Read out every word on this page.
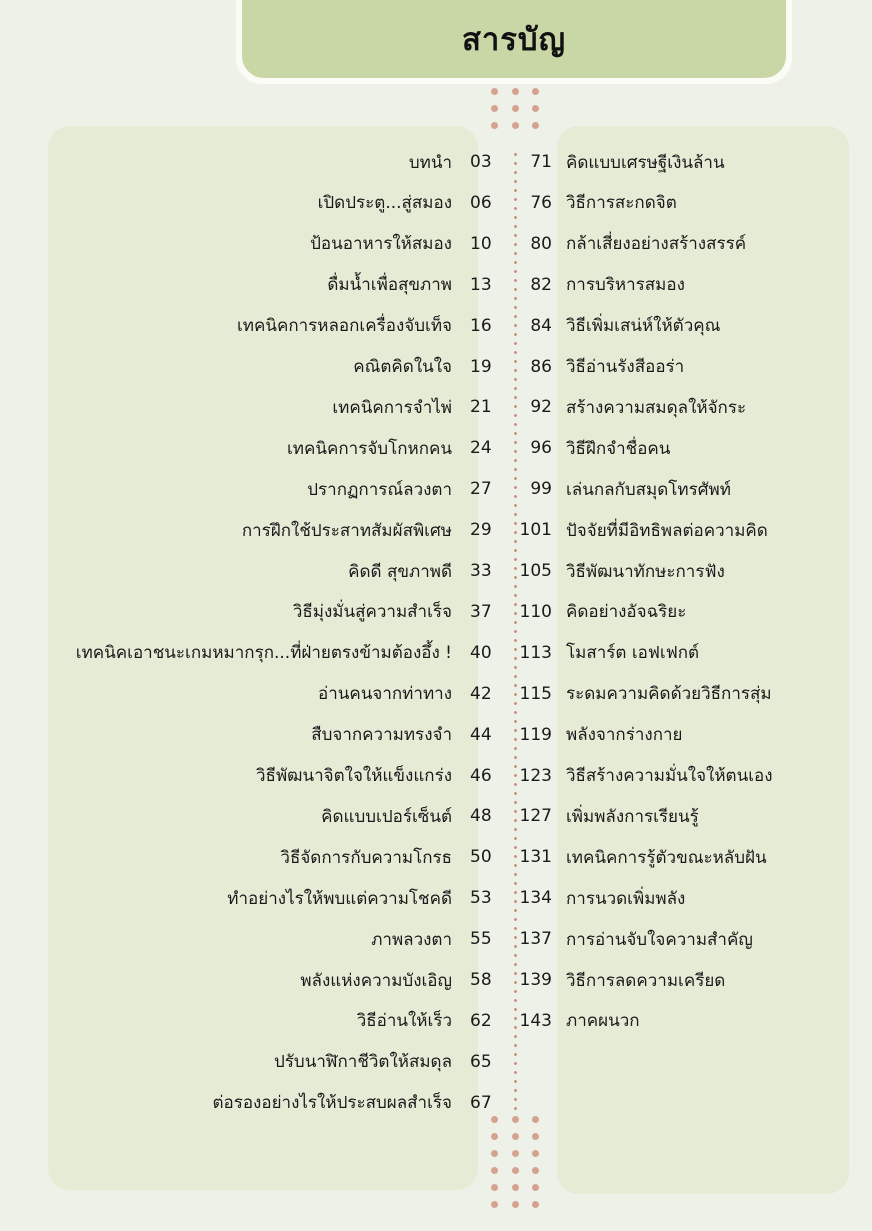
สารบัญ
บทนำ 03
เปิดประตู...สู่สมอง 06
ป้อนอาหารให้สมอง 10
ดื่มน้ำเพื่อสุขภาพ 13
เทคนิคการหลอกเครื่องจับเท็จ 16
คณิตคิดในใจ 19
เทคนิคการจำไพ่ 21
เทคนิคการจับโกหกคน 24
ปรากฏการณ์ลวงตา 27
การฝึกใช้ประสาทสัมผัสพิเศษ 29
คิดดี สุขภาพดี 33
วิธีมุ่งมั่นสู่ความสำเร็จ 37
เทคนิคเอาชนะเกมหมากรุก...ที่ฝ่ายตรงข้ามต้องอึ้ง ! 40
อ่านคนจากท่าทาง 42
สืบจากความทรงจำ 44
วิธีพัฒนาจิตใจให้แข็งแกร่ง 46
คิดแบบเปอร์เซ็นต์ 48
วิธีจัดการกับความโกรธ 50
ทำอย่างไรให้พบแต่ความโชคดี 53
ภาพลวงตา 55
พลังแห่งความบังเอิญ 58
วิธีอ่านให้เร็ว 62
ปรับนาฬิกาชีวิตให้สมดุล 65
ต่อรองอย่างไรให้ประสบผลสำเร็จ 67
71 คิดแบบเศรษฐีเงินล้าน
76 วิธีการสะกดจิต
80 กล้าเสี่ยงอย่างสร้างสรรค์
82 การบริหารสมอง
84 วิธีเพิ่มเสน่ห์ให้ตัวคุณ
86 วิธีอ่านรังสีออร่า
92 สร้างความสมดุลให้จักระ
96 วิธีฝึกจำชื่อคน
99 เล่นกลกับสมุดโทรศัพท์
101 ปัจจัยที่มีอิทธิพลต่อความคิด
105 วิธีพัฒนาทักษะการฟัง
110 คิดอย่างอัจฉริยะ
113 โมสาร์ต เอฟเฟกต์
115 ระดมความคิดด้วยวิธีการสุ่ม
119 พลังจากร่างกาย
123 วิธีสร้างความมั่นใจให้ตนเอง
127 เพิ่มพลังการเรียนรู้
131 เทคนิคการรู้ตัวขณะหลับฝัน
134 การนวดเพิ่มพลัง
137 การอ่านจับใจความสำคัญ
139 วิธีการลดความเครียด
143 ภาคผนวก
